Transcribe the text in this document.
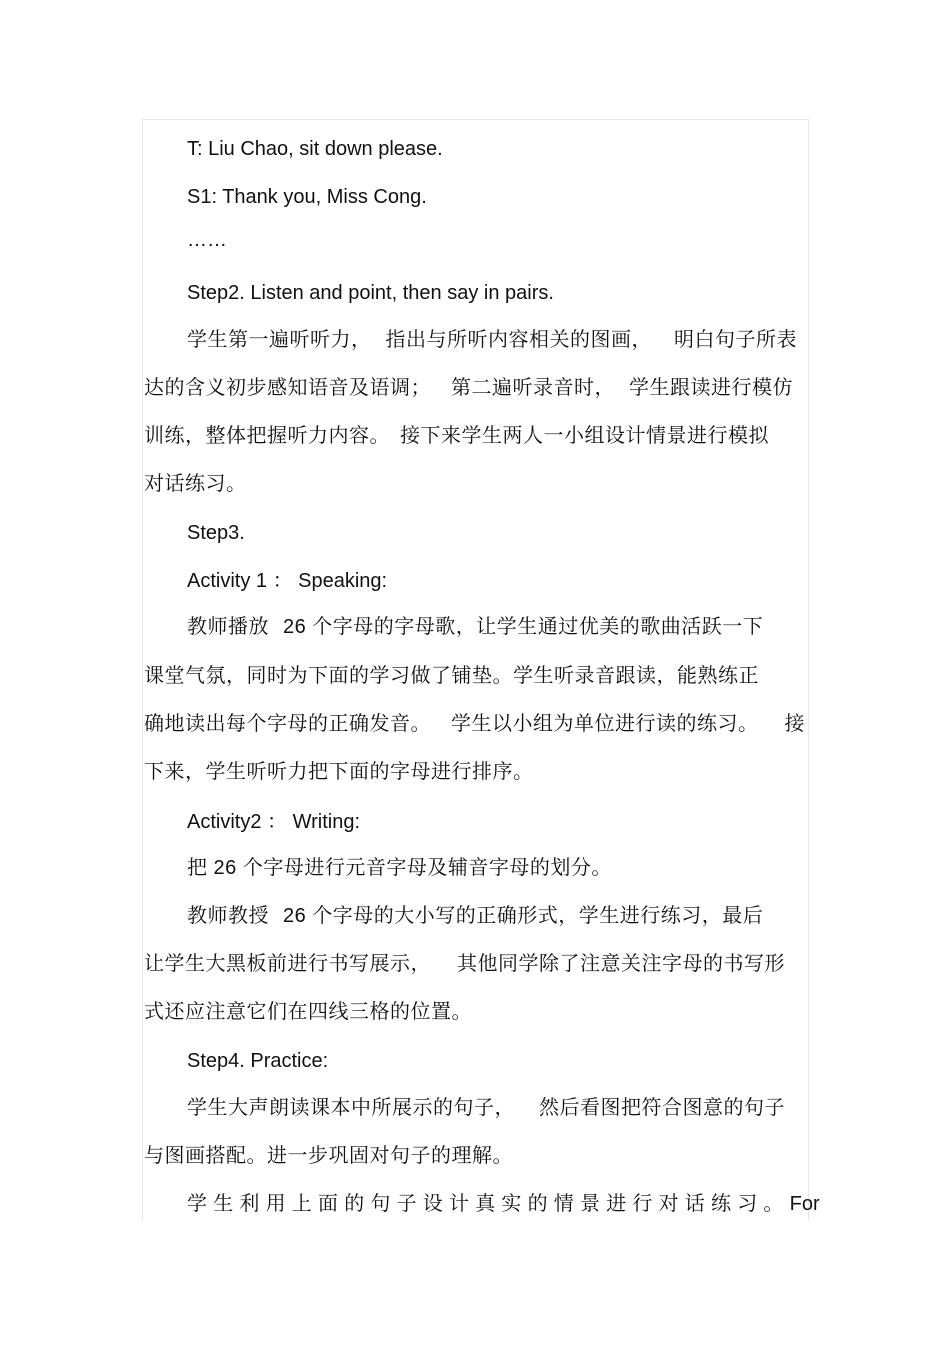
T: Liu Chao, sit down please.
S1: Thank you, Miss Cong.
……
Step2. Listen and point, then say in pairs.
学生第一遍听听力， 指出与所听内容相关的图画， 明白句子所表
达的含义初步感知语音及语调； 第二遍听录音时， 学生跟读进行模仿
训练，整体把握听力内容。 接下来学生两人一小组设计情景进行模拟
对话练习。
Step3.
Activity 1 ： Speaking:
教师播放 26 个字母的字母歌，让学生通过优美的歌曲活跃一下
课堂气氛，同时为下面的学习做了铺垫。学生听录音跟读，能熟练正
确地读出每个字母的正确发音。 学生以小组为单位进行读的练习。 接
下来，学生听听力把下面的字母进行排序。
Activity2 ： Writing:
把 26 个字母进行元音字母及辅音字母的划分。
教师教授 26 个字母的大小写的正确形式，学生进行练习，最后
让学生大黑板前进行书写展示， 其他同学除了注意关注字母的书写形
式还应注意它们在四线三格的位置。
Step4. Practice:
学生大声朗读课本中所展示的句子， 然后看图把符合图意的句子
与图画搭配。进一步巩固对句子的理解。
学生利用上面的句子设计真实的情景进行对话练习。For
